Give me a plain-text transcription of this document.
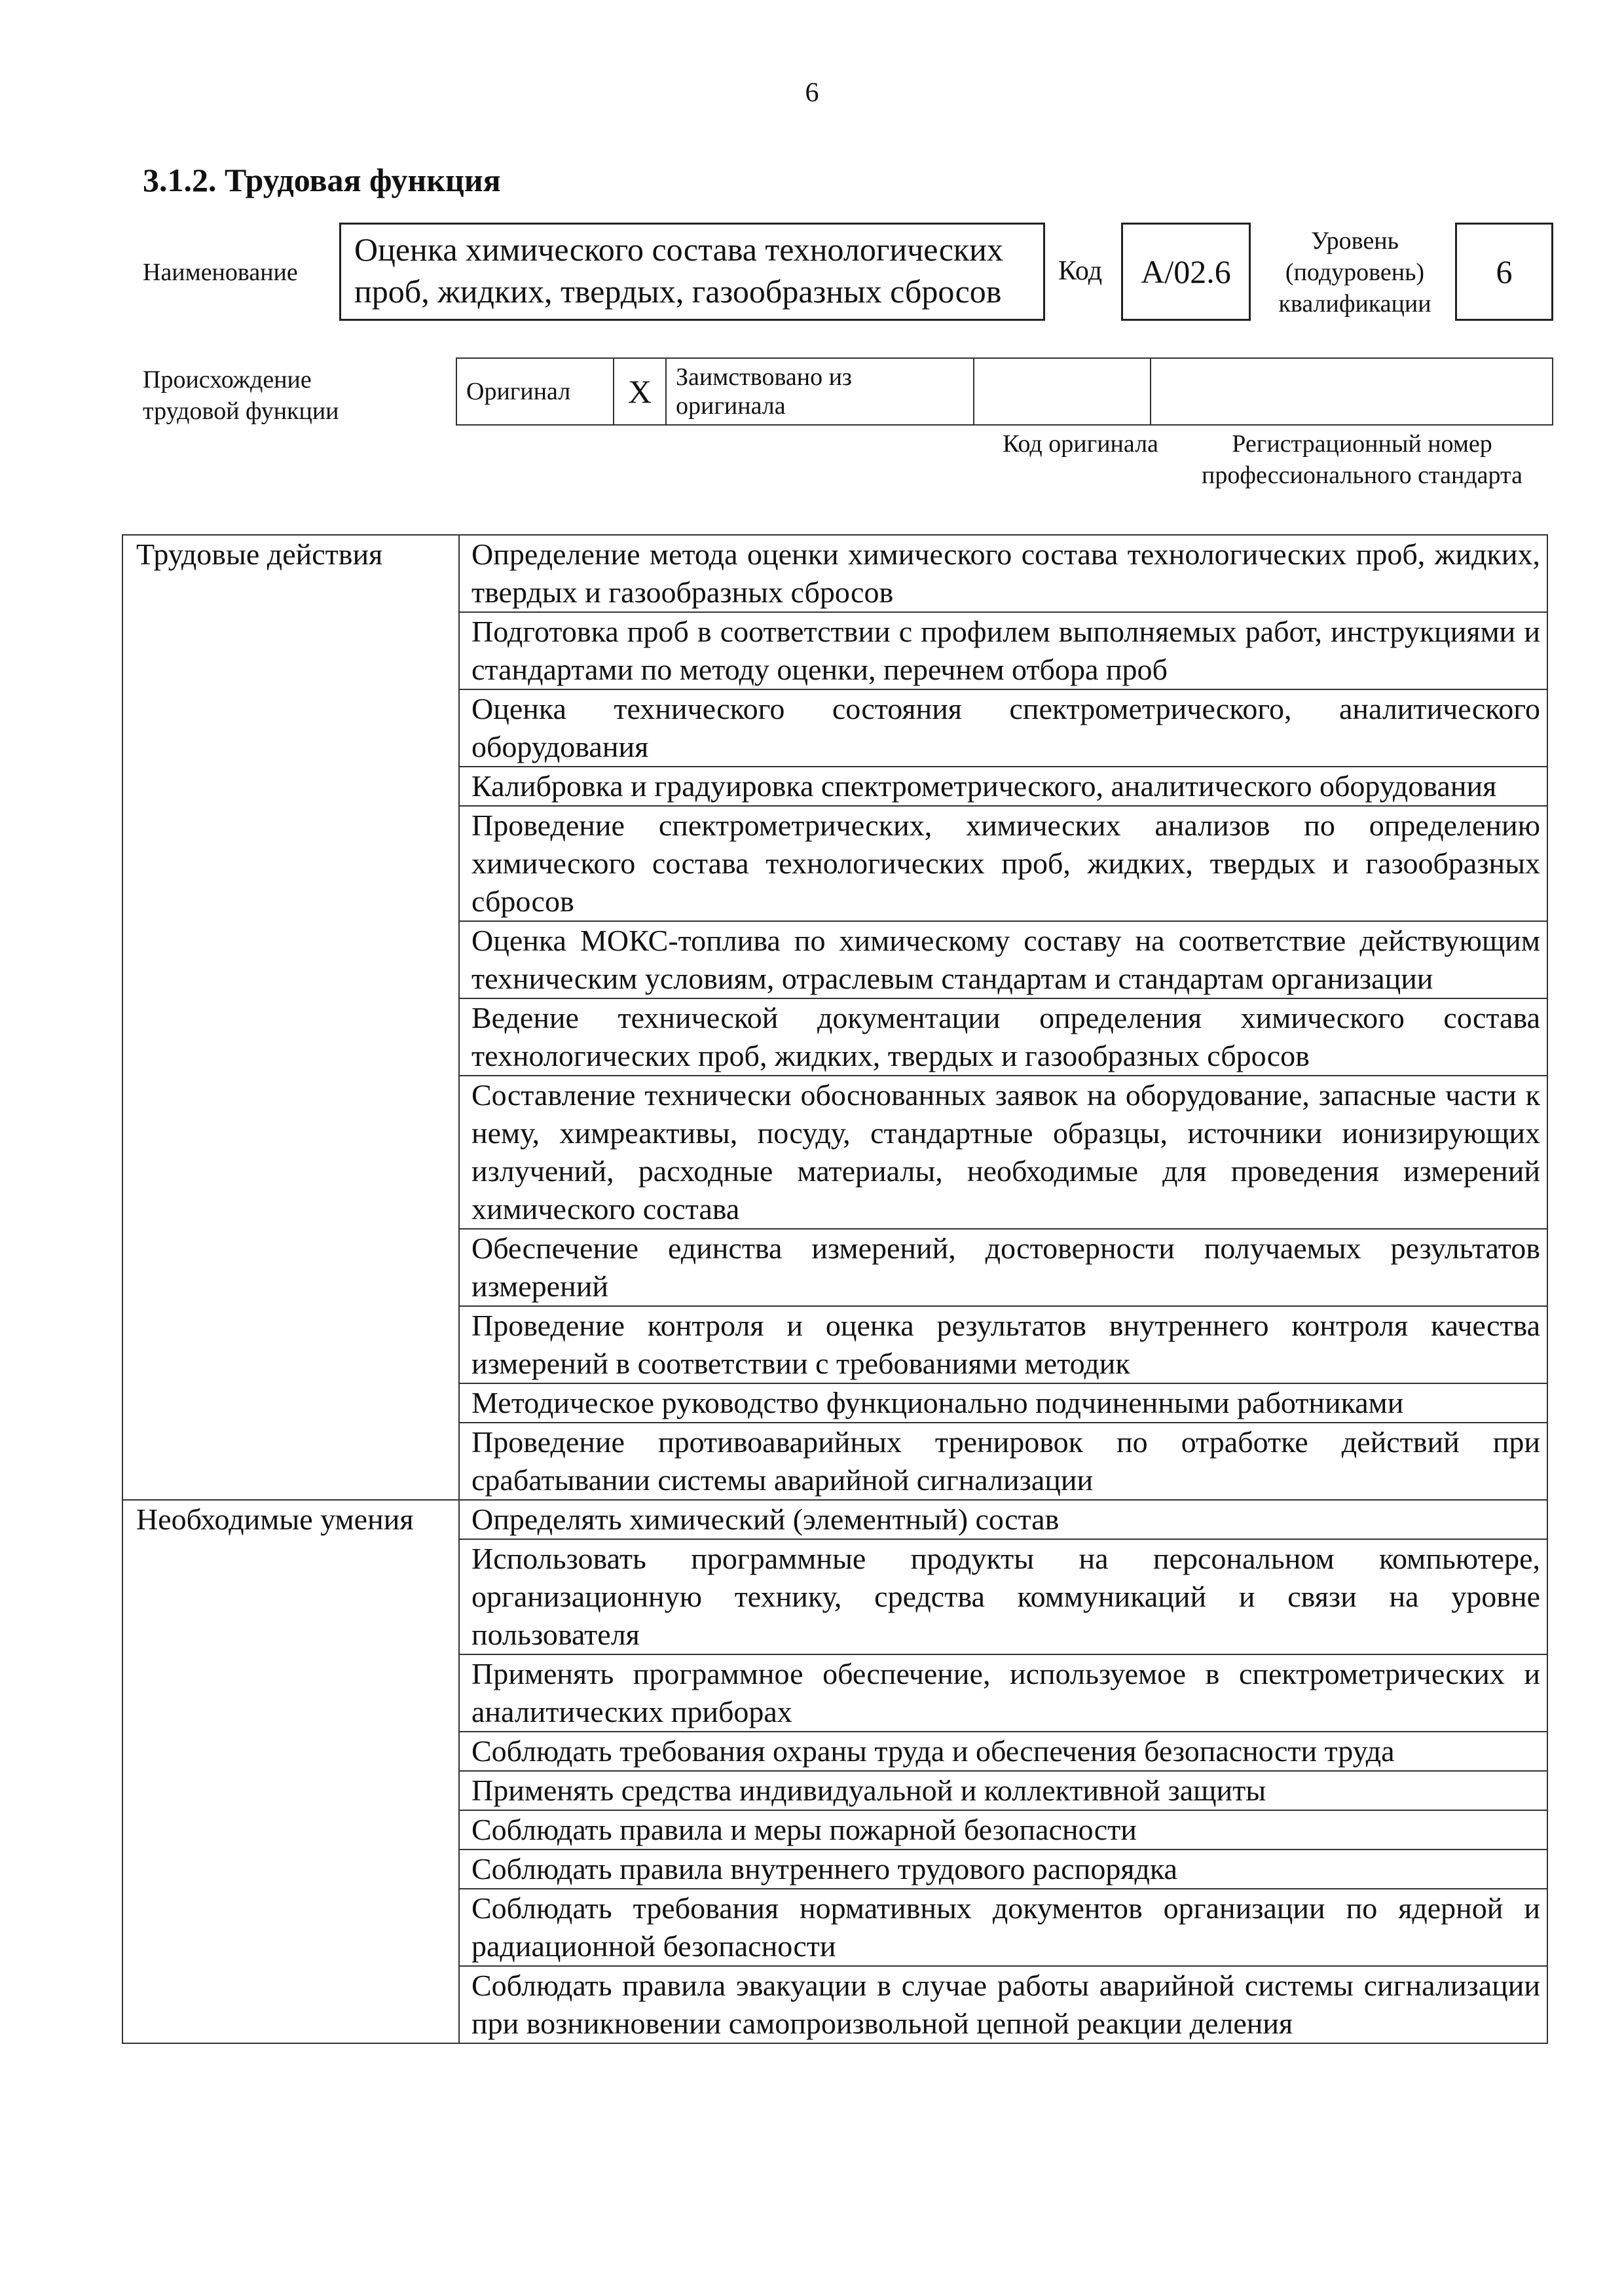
6
3.1.2. Трудовая функция
Наименование
Оценка химического состава технологических проб, жидких, твердых, газообразных сбросов
Код А/02.6
Уровень (подуровень) квалификации
6
Происхождение трудовой функции
Оригинал	X	Заимствовано из оригинала		
Код оригинала	Регистрационный номер профессионального стандарта
Трудовые действия	Определение метода оценки химического состава технологических проб, жидких, твердых и газообразных сбросов
	Подготовка проб в соответствии с профилем выполняемых работ, инструкциями и стандартами по методу оценки, перечнем отбора проб
	Оценка технического состояния спектрометрического, аналитического оборудования
	Калибровка и градуировка спектрометрического, аналитического оборудования
	Проведение спектрометрических, химических анализов по определению химического состава технологических проб, жидких, твердых и газообразных сбросов
	Оценка МОКС-топлива по химическому составу на соответствие действующим техническим условиям, отраслевым стандартам и стандартам организации
	Ведение технической документации определения химического состава технологических проб, жидких, твердых и газообразных сбросов
	Составление технически обоснованных заявок на оборудование, запасные части к нему, химреактивы, посуду, стандартные образцы, источники ионизирующих излучений, расходные материалы, необходимые для проведения измерений химического состава
	Обеспечение единства измерений, достоверности получаемых результатов измерений
	Проведение контроля и оценка результатов внутреннего контроля качества измерений в соответствии с требованиями методик
	Методическое руководство функционально подчиненными работниками
	Проведение противоаварийных тренировок по отработке действий при срабатывании системы аварийной сигнализации
Необходимые умения	Определять химический (элементный) состав
	Использовать программные продукты на персональном компьютере, организационную технику, средства коммуникаций и связи на уровне пользователя
	Применять программное обеспечение, используемое в спектрометрических и аналитических приборах
	Соблюдать требования охраны труда и обеспечения безопасности труда
	Применять средства индивидуальной и коллективной защиты
	Соблюдать правила и меры пожарной безопасности
	Соблюдать правила внутреннего трудового распорядка
	Соблюдать требования нормативных документов организации по ядерной и радиационной безопасности
	Соблюдать правила эвакуации в случае работы аварийной системы сигнализации при возникновении самопроизвольной цепной реакции деления
